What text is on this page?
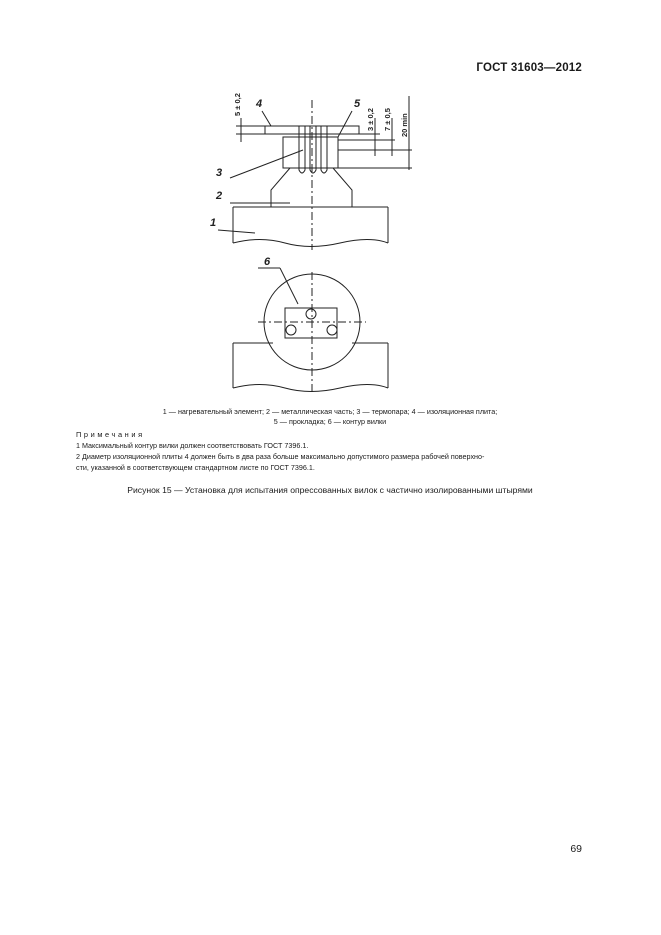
ГОСТ 31603—2012
4	5
3
2
1
6
5 ± 0,2
3 ± 0,2 7 ± 0,5 20 min
1 — нагревательный элемент; 2 — металлическая часть; 3 — термопара; 4 — изоляционная плита;
5 — прокладка; 6 — контур вилки
Примечания
1 Максимальный контур вилки должен соответствовать ГОСТ 7396.1.
2 Диаметр изоляционной плиты 4 должен быть в два раза больше максимально допустимого размера рабочей поверхно-
сти, указанной в соответствующем стандартном листе по ГОСТ 7396.1.
Рисунок 15 — Установка для испытания опрессованных вилок с частично изолированными штырями
69
